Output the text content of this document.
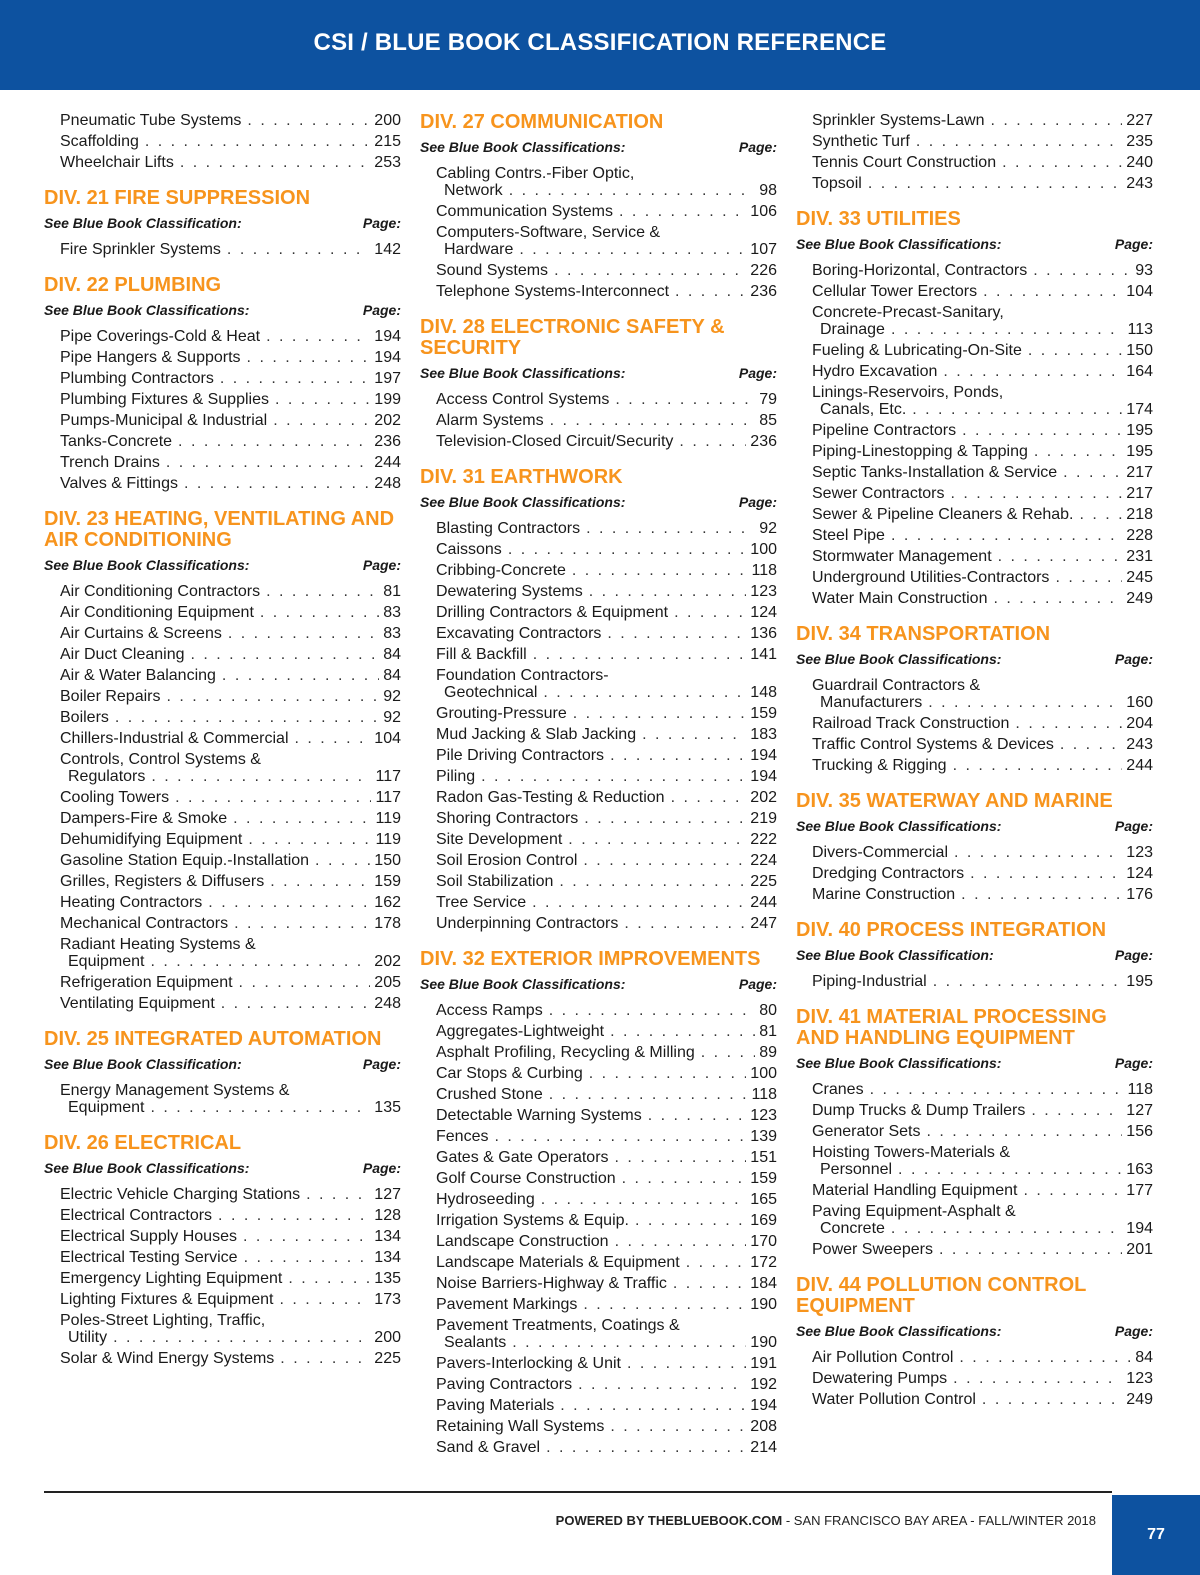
CSI / BLUE BOOK CLASSIFICATION REFERENCE
Pneumatic Tube Systems . . .	200
Scaffolding . . .	215
Wheelchair Lifts . . .	253
DIV. 21 FIRE SUPPRESSION
See Blue Book Classification:	Page:
Fire Sprinkler Systems . . .	142
DIV. 22 PLUMBING
See Blue Book Classifications:	Page:
Pipe Coverings-Cold & Heat . . .	194
Pipe Hangers & Supports . . .	194
Plumbing Contractors . . .	197
Plumbing Fixtures & Supplies . . .	199
Pumps-Municipal & Industrial . . .	202
Tanks-Concrete . . .	236
Trench Drains . . .	244
Valves & Fittings . . .	248
DIV. 23 HEATING, VENTILATING AND AIR CONDITIONING
See Blue Book Classifications:	Page:
Air Conditioning Contractors . . .	81
Air Conditioning Equipment . . .	83
Air Curtains & Screens . . .	83
Air Duct Cleaning . . .	84
Air & Water Balancing . . .	84
Boiler Repairs . . .	92
Boilers . . .	92
Chillers-Industrial & Commercial . . .	104
Controls, Control Systems &
Regulators . . .	117
Cooling Towers . . .	117
Dampers-Fire & Smoke . . .	119
Dehumidifying Equipment . . .	119
Gasoline Station Equip.-Installation . . .	150
Grilles, Registers & Diffusers . . .	159
Heating Contractors . . .	162
Mechanical Contractors . . .	178
Radiant Heating Systems &
Equipment . . .	202
Refrigeration Equipment . . .	205
Ventilating Equipment . . .	248
DIV. 25 INTEGRATED AUTOMATION
See Blue Book Classification:	Page:
Energy Management Systems &
Equipment . . .	135
DIV. 26 ELECTRICAL
See Blue Book Classifications:	Page:
Electric Vehicle Charging Stations . . .	127
Electrical Contractors . . .	128
Electrical Supply Houses . . .	134
Electrical Testing Service . . .	134
Emergency Lighting Equipment . . .	135
Lighting Fixtures & Equipment . . .	173
Poles-Street Lighting, Traffic,
Utility . . .	200
Solar & Wind Energy Systems . . .	225
DIV. 27 COMMUNICATION
See Blue Book Classifications:	Page:
Cabling Contrs.-Fiber Optic,
Network . . .	98
Communication Systems . . .	106
Computers-Software, Service &
Hardware . . .	107
Sound Systems . . .	226
Telephone Systems-Interconnect . . .	236
DIV. 28 ELECTRONIC SAFETY & SECURITY
See Blue Book Classifications:	Page:
Access Control Systems . . .	79
Alarm Systems . . .	85
Television-Closed Circuit/Security . . .	236
DIV. 31 EARTHWORK
See Blue Book Classifications:	Page:
Blasting Contractors . . .	92
Caissons . . .	100
Cribbing-Concrete . . .	118
Dewatering Systems . . .	123
Drilling Contractors & Equipment . . .	124
Excavating Contractors . . .	136
Fill & Backfill . . .	141
Foundation Contractors-
Geotechnical . . .	148
Grouting-Pressure . . .	159
Mud Jacking & Slab Jacking . . .	183
Pile Driving Contractors . . .	194
Piling . . .	194
Radon Gas-Testing & Reduction . . .	202
Shoring Contractors . . .	219
Site Development . . .	222
Soil Erosion Control . . .	224
Soil Stabilization . . .	225
Tree Service . . .	244
Underpinning Contractors . . .	247
DIV. 32 EXTERIOR IMPROVEMENTS
See Blue Book Classifications:	Page:
Access Ramps . . .	80
Aggregates-Lightweight . . .	81
Asphalt Profiling, Recycling & Milling . . .	89
Car Stops & Curbing . . .	100
Crushed Stone . . .	118
Detectable Warning Systems . . .	123
Fences . . .	139
Gates & Gate Operators . . .	151
Golf Course Construction . . .	159
Hydroseeding . . .	165
Irrigation Systems & Equip. . . .	169
Landscape Construction . . .	170
Landscape Materials & Equipment . . .	172
Noise Barriers-Highway & Traffic . . .	184
Pavement Markings . . .	190
Pavement Treatments, Coatings &
Sealants . . .	190
Pavers-Interlocking & Unit . . .	191
Paving Contractors . . .	192
Paving Materials . . .	194
Retaining Wall Systems . . .	208
Sand & Gravel . . .	214
Sprinkler Systems-Lawn . . .	227
Synthetic Turf . . .	235
Tennis Court Construction . . .	240
Topsoil . . .	243
DIV. 33 UTILITIES
See Blue Book Classifications:	Page:
Boring-Horizontal, Contractors . . .	93
Cellular Tower Erectors . . .	104
Concrete-Precast-Sanitary,
Drainage . . .	113
Fueling & Lubricating-On-Site . . .	150
Hydro Excavation . . .	164
Linings-Reservoirs, Ponds,
Canals, Etc. . . .	174
Pipeline Contractors . . .	195
Piping-Linestopping & Tapping . . .	195
Septic Tanks-Installation & Service . . .	217
Sewer Contractors . . .	217
Sewer & Pipeline Cleaners & Rehab. . . .	218
Steel Pipe . . .	228
Stormwater Management . . .	231
Underground Utilities-Contractors . . .	245
Water Main Construction . . .	249
DIV. 34 TRANSPORTATION
See Blue Book Classifications:	Page:
Guardrail Contractors &
Manufacturers . . .	160
Railroad Track Construction . . .	204
Traffic Control Systems & Devices . . .	243
Trucking & Rigging . . .	244
DIV. 35 WATERWAY AND MARINE
See Blue Book Classifications:	Page:
Divers-Commercial . . .	123
Dredging Contractors . . .	124
Marine Construction . . .	176
DIV. 40 PROCESS INTEGRATION
See Blue Book Classification:	Page:
Piping-Industrial . . .	195
DIV. 41 MATERIAL PROCESSING AND HANDLING EQUIPMENT
See Blue Book Classifications:	Page:
Cranes . . .	118
Dump Trucks & Dump Trailers . . .	127
Generator Sets . . .	156
Hoisting Towers-Materials &
Personnel . . .	163
Material Handling Equipment . . .	177
Paving Equipment-Asphalt &
Concrete . . .	194
Power Sweepers . . .	201
DIV. 44 POLLUTION CONTROL EQUIPMENT
See Blue Book Classifications:	Page:
Air Pollution Control . . .	84
Dewatering Pumps . . .	123
Water Pollution Control . . .	249
POWERED BY THEBLUEBOOK.COM - SAN FRANCISCO BAY AREA - FALL/WINTER 2018
77
